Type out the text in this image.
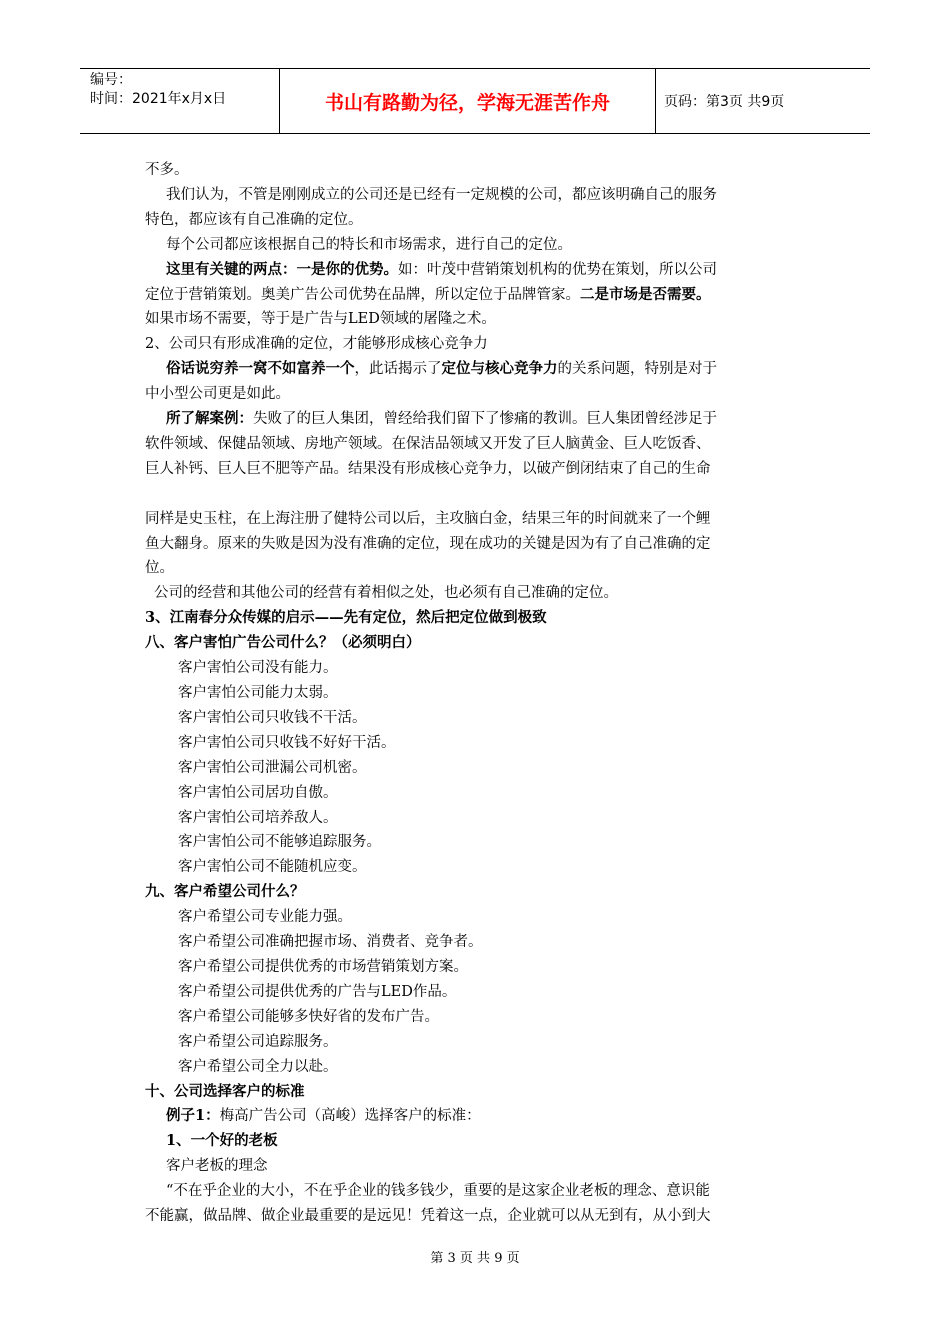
编号：
时间：2021年x月x日	书山有路勤为径，学海无涯苦作舟	页码：第3页 共9页

不多。

我们认为，不管是刚刚成立的公司还是已经有一定规模的公司，都应该明确自己的服务

特色，都应该有自己准确的定位。

每个公司都应该根据自己的特长和市场需求，进行自己的定位。

这里有关键的两点：一是你的优势。如：叶茂中营销策划机构的优势在策划，所以公司

定位于营销策划。奥美广告公司优势在品牌，所以定位于品牌管家。二是市场是否需要。

如果市场不需要，等于是广告与LED领域的屠隆之术。

2、公司只有形成准确的定位，才能够形成核心竞争力

俗话说穷养一窝不如富养一个，此话揭示了定位与核心竞争力的关系问题，特别是对于

中小型公司更是如此。

所了解案例：失败了的巨人集团，曾经给我们留下了惨痛的教训。巨人集团曾经涉足于

软件领域、保健品领域、房地产领域。在保洁品领域又开发了巨人脑黄金、巨人吃饭香、

巨人补钙、巨人巨不肥等产品。结果没有形成核心竞争力，以破产倒闭结束了自己的生命

同样是史玉柱，在上海注册了健特公司以后，主攻脑白金，结果三年的时间就来了一个鲤

鱼大翻身。原来的失败是因为没有准确的定位，现在成功的关键是因为有了自己准确的定

位。

公司的经营和其他公司的经营有着相似之处，也必须有自己准确的定位。

3、江南春分众传媒的启示——先有定位，然后把定位做到极致

八、客户害怕广告公司什么？（必须明白）

客户害怕公司没有能力。

客户害怕公司能力太弱。

客户害怕公司只收钱不干活。

客户害怕公司只收钱不好好干活。

客户害怕公司泄漏公司机密。

客户害怕公司居功自傲。

客户害怕公司培养敌人。

客户害怕公司不能够追踪服务。

客户害怕公司不能随机应变。

九、客户希望公司什么？

客户希望公司专业能力强。

客户希望公司准确把握市场、消费者、竞争者。

客户希望公司提供优秀的市场营销策划方案。

客户希望公司提供优秀的广告与LED作品。

客户希望公司能够多快好省的发布广告。

客户希望公司追踪服务。

客户希望公司全力以赴。

十、公司选择客户的标准

例子1：梅高广告公司（高峻）选择客户的标准：

1、一个好的老板

客户老板的理念

“不在乎企业的大小，不在乎企业的钱多钱少，重要的是这家企业老板的理念、意识能

不能赢，做品牌、做企业最重要的是远见！凭着这一点，企业就可以从无到有，从小到大

第 3 页 共 9 页
